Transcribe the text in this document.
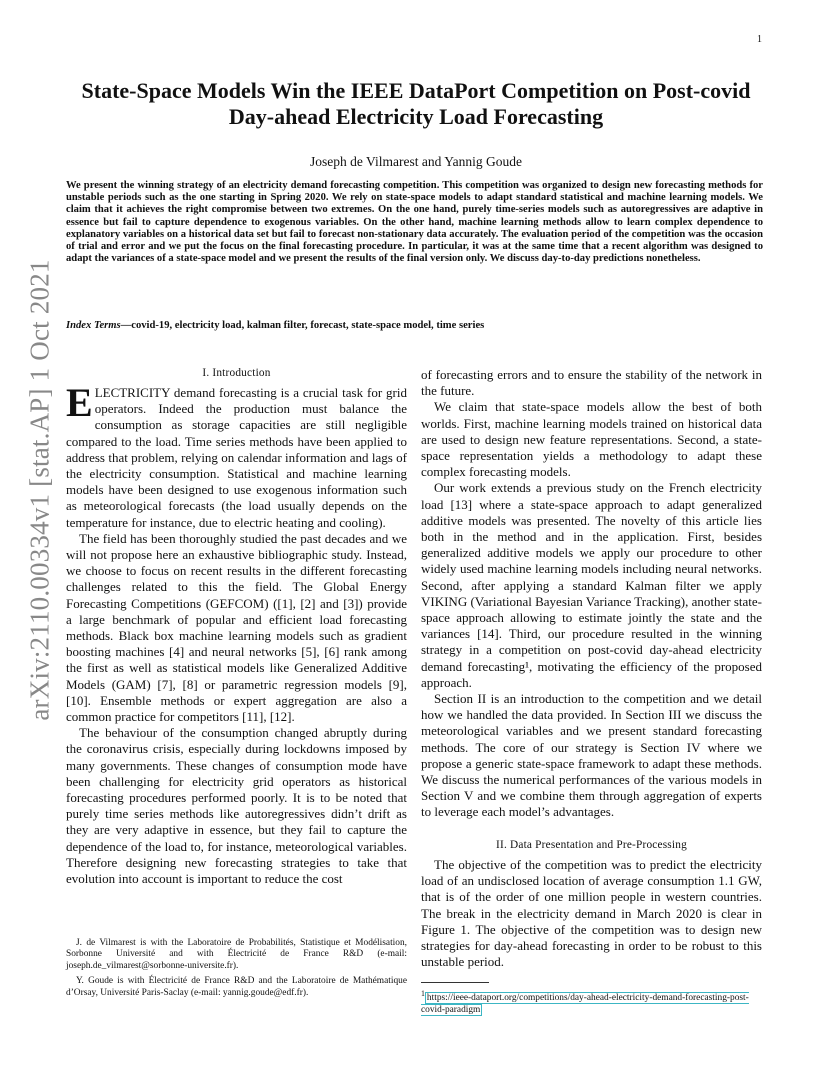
1
arXiv:2110.00334v1 [stat.AP] 1 Oct 2021
State-Space Models Win the IEEE DataPort Competition on Post-covid Day-ahead Electricity Load Forecasting
Joseph de Vilmarest and Yannig Goude

We present the winning strategy of an electricity demand forecasting competition. This competition was organized to design new forecasting methods for unstable periods such as the one starting in Spring 2020. We rely on state-space models to adapt standard statistical and machine learning models. We claim that it achieves the right compromise between two extremes. On the one hand, purely time-series models such as autoregressives are adaptive in essence but fail to capture dependence to exogenous variables. On the other hand, machine learning methods allow to learn complex dependence to explanatory variables on a historical data set but fail to forecast non-stationary data accurately. The evaluation period of the competition was the occasion of trial and error and we put the focus on the final forecasting procedure. In particular, it was at the same time that a recent algorithm was designed to adapt the variances of a state-space model and we present the results of the final version only. We discuss day-to-day predictions nonetheless.

Index Terms—covid-19, electricity load, kalman filter, forecast, state-space model, time series

I. Introduction

ELECTRICITY demand forecasting is a crucial task for grid operators. Indeed the production must balance the consumption as storage capacities are still negligible compared to the load. Time series methods have been applied to address that problem, relying on calendar information and lags of the electricity consumption. Statistical and machine learning models have been designed to use exogenous information such as meteorological forecasts (the load usually depends on the temperature for instance, due to electric heating and cooling).

The field has been thoroughly studied the past decades and we will not propose here an exhaustive bibliographic study. Instead, we choose to focus on recent results in the different forecasting challenges related to this the field. The Global Energy Forecasting Competitions (GEFCOM) ([1], [2] and [3]) provide a large benchmark of popular and efficient load forecasting methods. Black box machine learning models such as gradient boosting machines [4] and neural networks [5], [6] rank among the first as well as statistical models like Generalized Additive Models (GAM) [7], [8] or parametric regression models [9], [10]. Ensemble methods or expert aggregation are also a common practice for competitors [11], [12].

The behaviour of the consumption changed abruptly during the coronavirus crisis, especially during lockdowns imposed by many governments. These changes of consumption mode have been challenging for electricity grid operators as historical forecasting procedures performed poorly. It is to be noted that purely time series methods like autoregressives didn’t drift as they are very adaptive in essence, but they fail to capture the dependence of the load to, for instance, meteorological variables. Therefore designing new forecasting strategies to take that evolution into account is important to reduce the cost

of forecasting errors and to ensure the stability of the network in the future.

We claim that state-space models allow the best of both worlds. First, machine learning models trained on historical data are used to design new feature representations. Second, a state-space representation yields a methodology to adapt these complex forecasting models.

Our work extends a previous study on the French electricity load [13] where a state-space approach to adapt generalized additive models was presented. The novelty of this article lies both in the method and in the application. First, besides generalized additive models we apply our procedure to other widely used machine learning models including neural networks. Second, after applying a standard Kalman filter we apply VIKING (Variational Bayesian Variance Tracking), another state-space approach allowing to estimate jointly the state and the variances [14]. Third, our procedure resulted in the winning strategy in a competition on post-covid day-ahead electricity demand forecasting¹, motivating the efficiency of the proposed approach.

Section II is an introduction to the competition and we detail how we handled the data provided. In Section III we discuss the meteorological variables and we present standard forecasting methods. The core of our strategy is Section IV where we propose a generic state-space framework to adapt these methods. We discuss the numerical performances of the various models in Section V and we combine them through aggregation of experts to leverage each model’s advantages.

II. Data Presentation and Pre-Processing

The objective of the competition was to predict the electricity load of an undisclosed location of average consumption 1.1 GW, that is of the order of one million people in western countries. The break in the electricity demand in March 2020 is clear in Figure 1. The objective of the competition was to design new strategies for day-ahead forecasting in order to be robust to this unstable period.

J. de Vilmarest is with the Laboratoire de Probabilités, Statistique et Modélisation, Sorbonne Université and with Électricité de France R&D (e-mail: joseph.de_vilmarest@sorbonne-universite.fr).

Y. Goude is with Électricité de France R&D and the Laboratoire de Mathématique d’Orsay, Université Paris-Saclay (e-mail: yannig.goude@edf.fr).	$^1$ https://ieee-dataport.org/competitions/day-ahead-electricity-demand-forecasting-post-covid-paradigm
